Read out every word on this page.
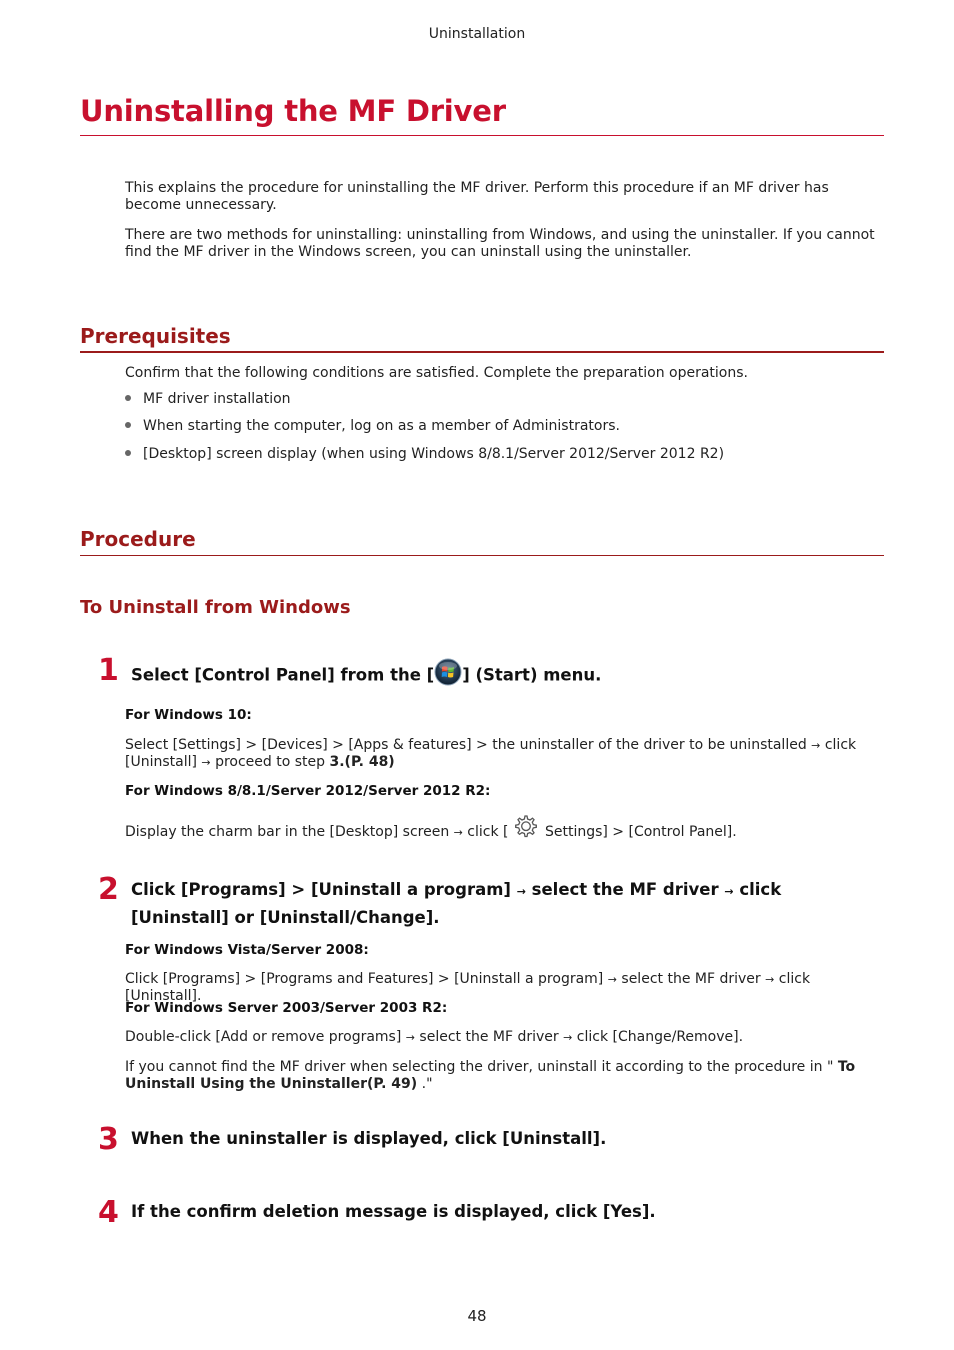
Uninstallation
Uninstalling the MF Driver

This explains the procedure for uninstalling the MF driver. Perform this procedure if an MF driver has become unnecessary.

There are two methods for uninstalling: uninstalling from Windows, and using the uninstaller. If you cannot find the MF driver in the Windows screen, you can uninstall using the uninstaller.

Prerequisites

Confirm that the following conditions are satisfied. Complete the preparation operations.

MF driver installation
When starting the computer, log on as a member of Administrators.
[Desktop] screen display (when using Windows 8/8.1/Server 2012/Server 2012 R2)
Procedure
To Uninstall from Windows
1 Select [Control Panel] from the [ ] (Start) menu.

For Windows 10:

Select [Settings] > [Devices] > [Apps & features] > the uninstaller of the driver to be uninstalled → click [Uninstall] → proceed to step 3.(P. 48)

For Windows 8/8.1/Server 2012/Server 2012 R2:

Display the charm bar in the [Desktop] screen → click [ Settings] > [Control Panel].

2 Click [Programs] > [Uninstall a program] → select the MF driver → click [Uninstall] or [Uninstall/Change].

For Windows Vista/Server 2008:

Click [Programs] > [Programs and Features] > [Uninstall a program] → select the MF driver → click [Uninstall].

For Windows Server 2003/Server 2003 R2:

Double-click [Add or remove programs] → select the MF driver → click [Change/Remove].

If you cannot find the MF driver when selecting the driver, uninstall it according to the procedure in " To Uninstall Using the Uninstaller(P. 49) ."

3 When the uninstaller is displayed, click [Uninstall].

4 If the confirm deletion message is displayed, click [Yes].

48
